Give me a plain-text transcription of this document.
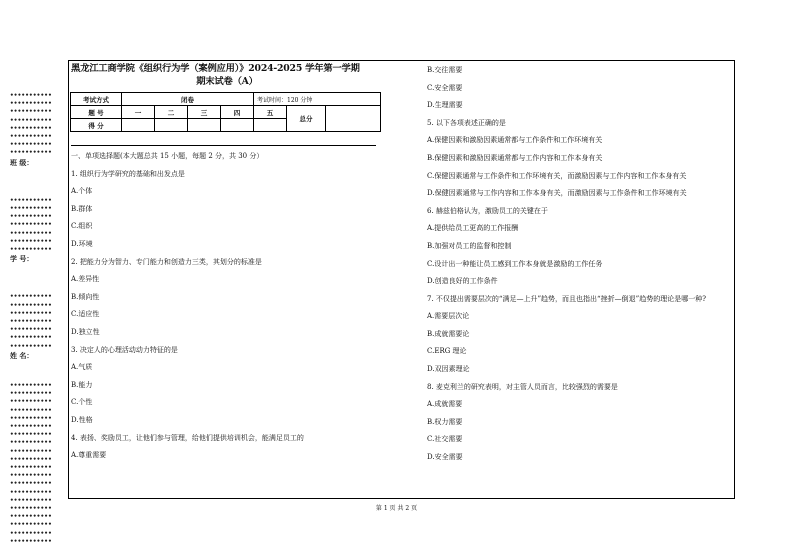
•••••••••••
•••••••••••
•••••••••••
•••••••••••
•••••••••••
•••••••••••
•••••••••••
•••••••••••
班 级：
•••••••••••
•••••••••••
•••••••••••
•••••••••••
•••••••••••
•••••••••••
•••••••••••
学 号：
•••••••••••
•••••••••••
•••••••••••
•••••••••••
•••••••••••
•••••••••••
•••••••••••
姓 名：
•••••••••••
•••••••••••
•••••••••••
•••••••••••
•••••••••••
•••••••••••
•••••••••••
•••••••••••
•••••••••••
•••••••••••
•••••••••••
•••••••••••
•••••••••••
•••••••••••
•••••••••••
•••••••••••
•••••••••••
•••••••••••
•••••••••••
•••••••••••
黑龙江工商学院《组织行为学（案例应用）》2024-2025 学年第一学期
期末试卷（A）
考试方式	闭卷				考试时间：120 分钟		
题 号	一	二	三	四	五	总分	
得 分							
一、单项选择题(本大题总共 15 小题，每题 2 分，共 30 分）
1. 组织行为学研究的基础和出发点是
A.个体
B.群体
C.组织
D.环境
2. 把能力分为智力、专门能力和创造力三类，其划分的标准是
A.差异性
B.倾向性
C.适应性
D.独立性
3. 决定人的心理活动动力特征的是
A.气质
B.能力
C.个性
D.性格
4. 表扬、奖励员工，让他们参与管理，给他们提供培训机会，能满足员工的
A.尊重需要
B.交往需要
C.安全需要
D.生理需要
5. 以下各项表述正确的是
A.保健因素和激励因素通常都与工作条件和工作环境有关
B.保健因素和激励因素通常都与工作内容和工作本身有关
C.保健因素通常与工作条件和工作环境有关，而激励因素与工作内容和工作本身有关
D.保健因素通常与工作内容和工作本身有关，而激励因素与工作条件和工作环境有关
6. 赫兹伯格认为，激励员工的关键在于
A.提供给员工更高的工作报酬
B.加强对员工的监督和控制
C.设计出一种能让员工感到工作本身就是激励的工作任务
D.创造良好的工作条件
7. 不仅提出需要层次的“满足—上升”趋势，而且也指出“挫折—倒退”趋势的理论是哪一种?
A.需要层次论
B.成就需要论
C.ERG 理论
D.双因素理论
8. 麦克利兰的研究表明，对主管人员而言，比较强烈的需要是
A.成就需要
B.权力需要
C.社交需要
D.安全需要
第 1 页 共 2 页
